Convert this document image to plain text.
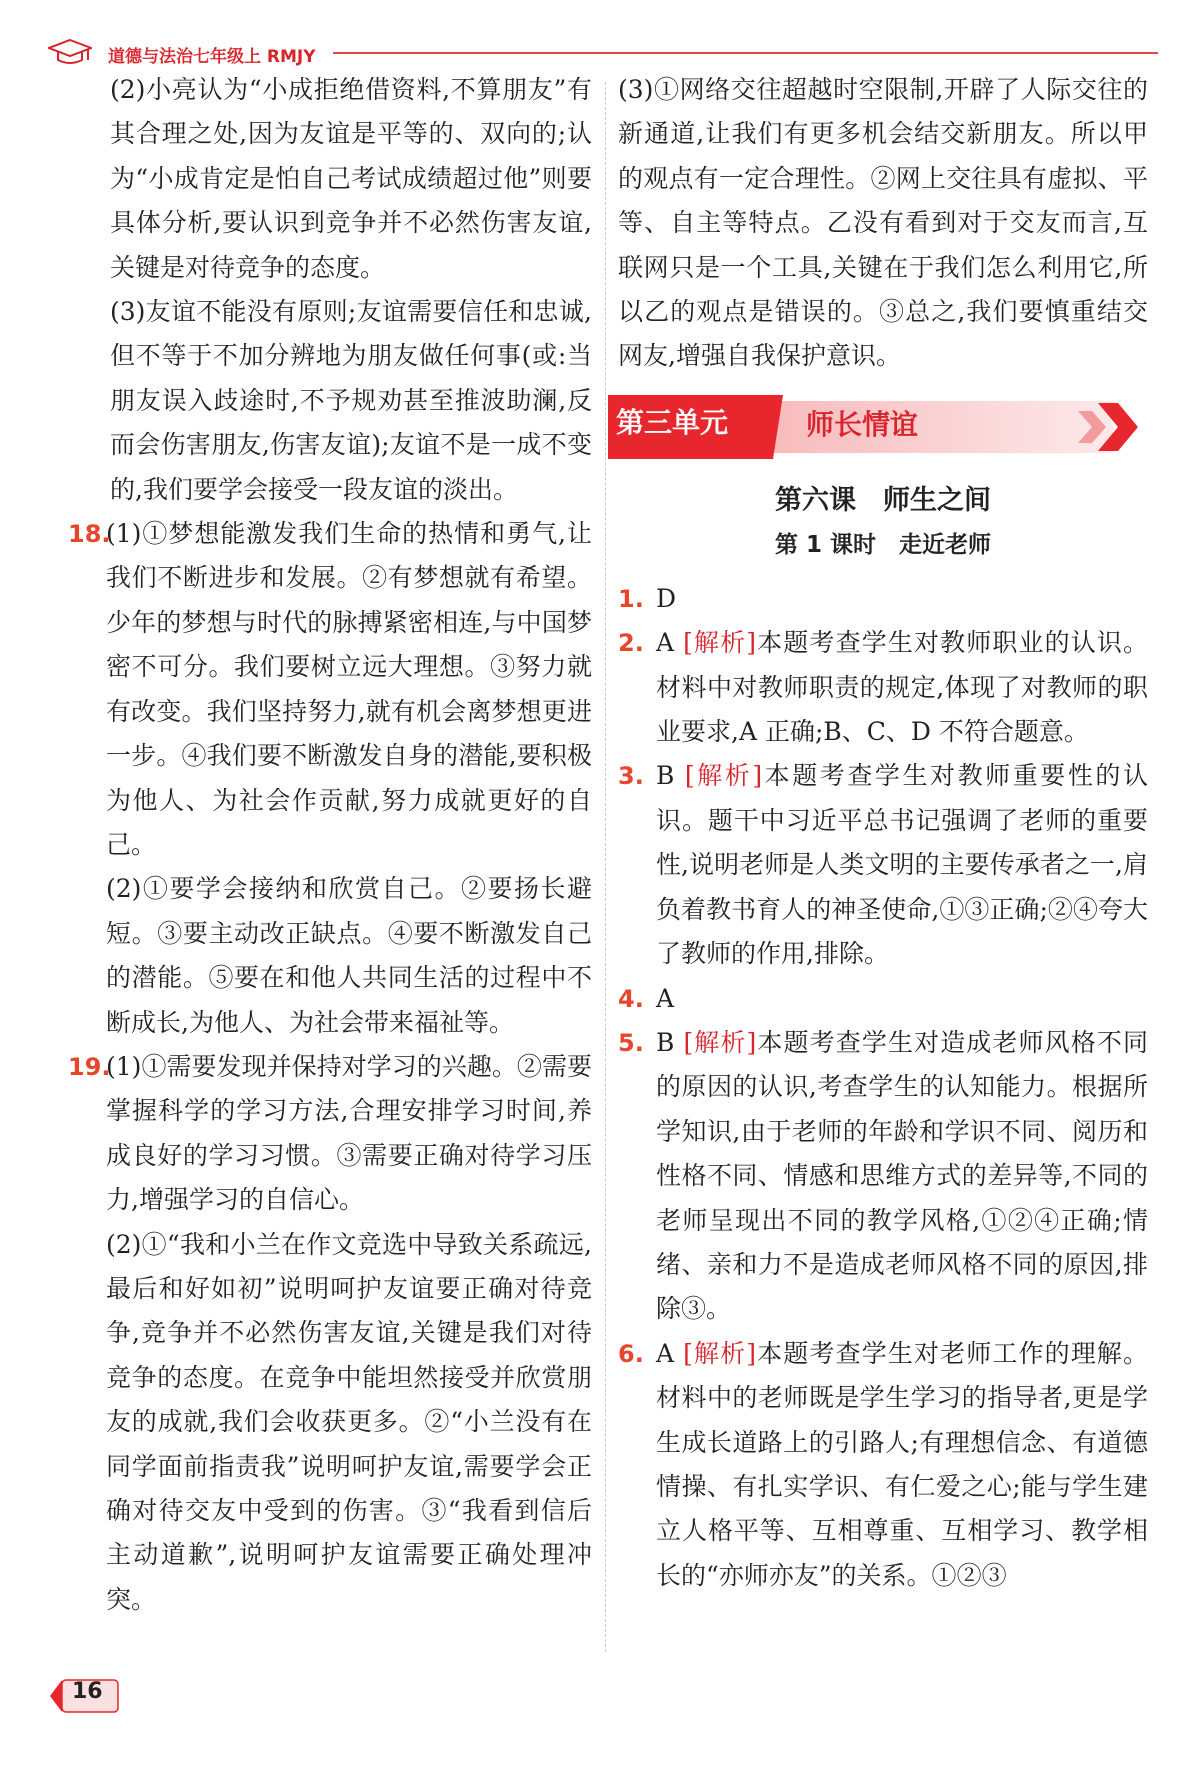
道德与法治七年级上 RMJY

(2)小亮认为“小成拒绝借资料,不算朋友”有其合理之处,因为友谊是平等的、双向的;认为“小成肯定是怕自己考试成绩超过他”则要具体分析,要认识到竞争并不必然伤害友谊,关键是对待竞争的态度。

(3)友谊不能没有原则;友谊需要信任和忠诚,但不等于不加分辨地为朋友做任何事(或:当朋友误入歧途时,不予规劝甚至推波助澜,反而会伤害朋友,伤害友谊);友谊不是一成不变的,我们要学会接受一段友谊的淡出。

18.

(1)①梦想能激发我们生命的热情和勇气,让我们不断进步和发展。②有梦想就有希望。少年的梦想与时代的脉搏紧密相连,与中国梦密不可分。我们要树立远大理想。③努力就有改变。我们坚持努力,就有机会离梦想更进一步。④我们要不断激发自身的潜能,要积极为他人、为社会作贡献,努力成就更好的自己。

(2)①要学会接纳和欣赏自己。②要扬长避短。③要主动改正缺点。④要不断激发自己的潜能。⑤要在和他人共同生活的过程中不断成长,为他人、为社会带来福祉等。

19.

(1)①需要发现并保持对学习的兴趣。②需要掌握科学的学习方法,合理安排学习时间,养成良好的学习习惯。③需要正确对待学习压力,增强学习的自信心。

(2)①“我和小兰在作文竞选中导致关系疏远,最后和好如初”说明呵护友谊要正确对待竞争,竞争并不必然伤害友谊,关键是我们对待竞争的态度。在竞争中能坦然接受并欣赏朋友的成就,我们会收获更多。②“小兰没有在同学面前指责我”说明呵护友谊,需要学会正确对待交友中受到的伤害。③“我看到信后主动道歉”,说明呵护友谊需要正确处理冲突。

(3)①网络交往超越时空限制,开辟了人际交往的新通道,让我们有更多机会结交新朋友。所以甲的观点有一定合理性。②网上交往具有虚拟、平等、自主等特点。乙没有看到对于交友而言,互联网只是一个工具,关键在于我们怎么利用它,所以乙的观点是错误的。③总之,我们要慎重结交网友,增强自我保护意识。

第三单元	师长情谊
第六课　师生之间
第 1 课时　走近老师
1. D

2. A [解析]本题考查学生对教师职业的认识。材料中对教师职责的规定,体现了对教师的职业要求,A 正确;B、C、D 不符合题意。

3. B [解析]本题考查学生对教师重要性的认识。题干中习近平总书记强调了老师的重要性,说明老师是人类文明的主要传承者之一,肩负着教书育人的神圣使命,①③正确;②④夸大了教师的作用,排除。

4. A

5. B [解析]本题考查学生对造成老师风格不同的原因的认识,考查学生的认知能力。根据所学知识,由于老师的年龄和学识不同、阅历和性格不同、情感和思维方式的差异等,不同的老师呈现出不同的教学风格,①②④正确;情绪、亲和力不是造成老师风格不同的原因,排除③。

6. A [解析]本题考查学生对老师工作的理解。材料中的老师既是学生学习的指导者,更是学生成长道路上的引路人;有理想信念、有道德情操、有扎实学识、有仁爱之心;能与学生建立人格平等、互相尊重、互相学习、教学相长的“亦师亦友”的关系。①②③

16
